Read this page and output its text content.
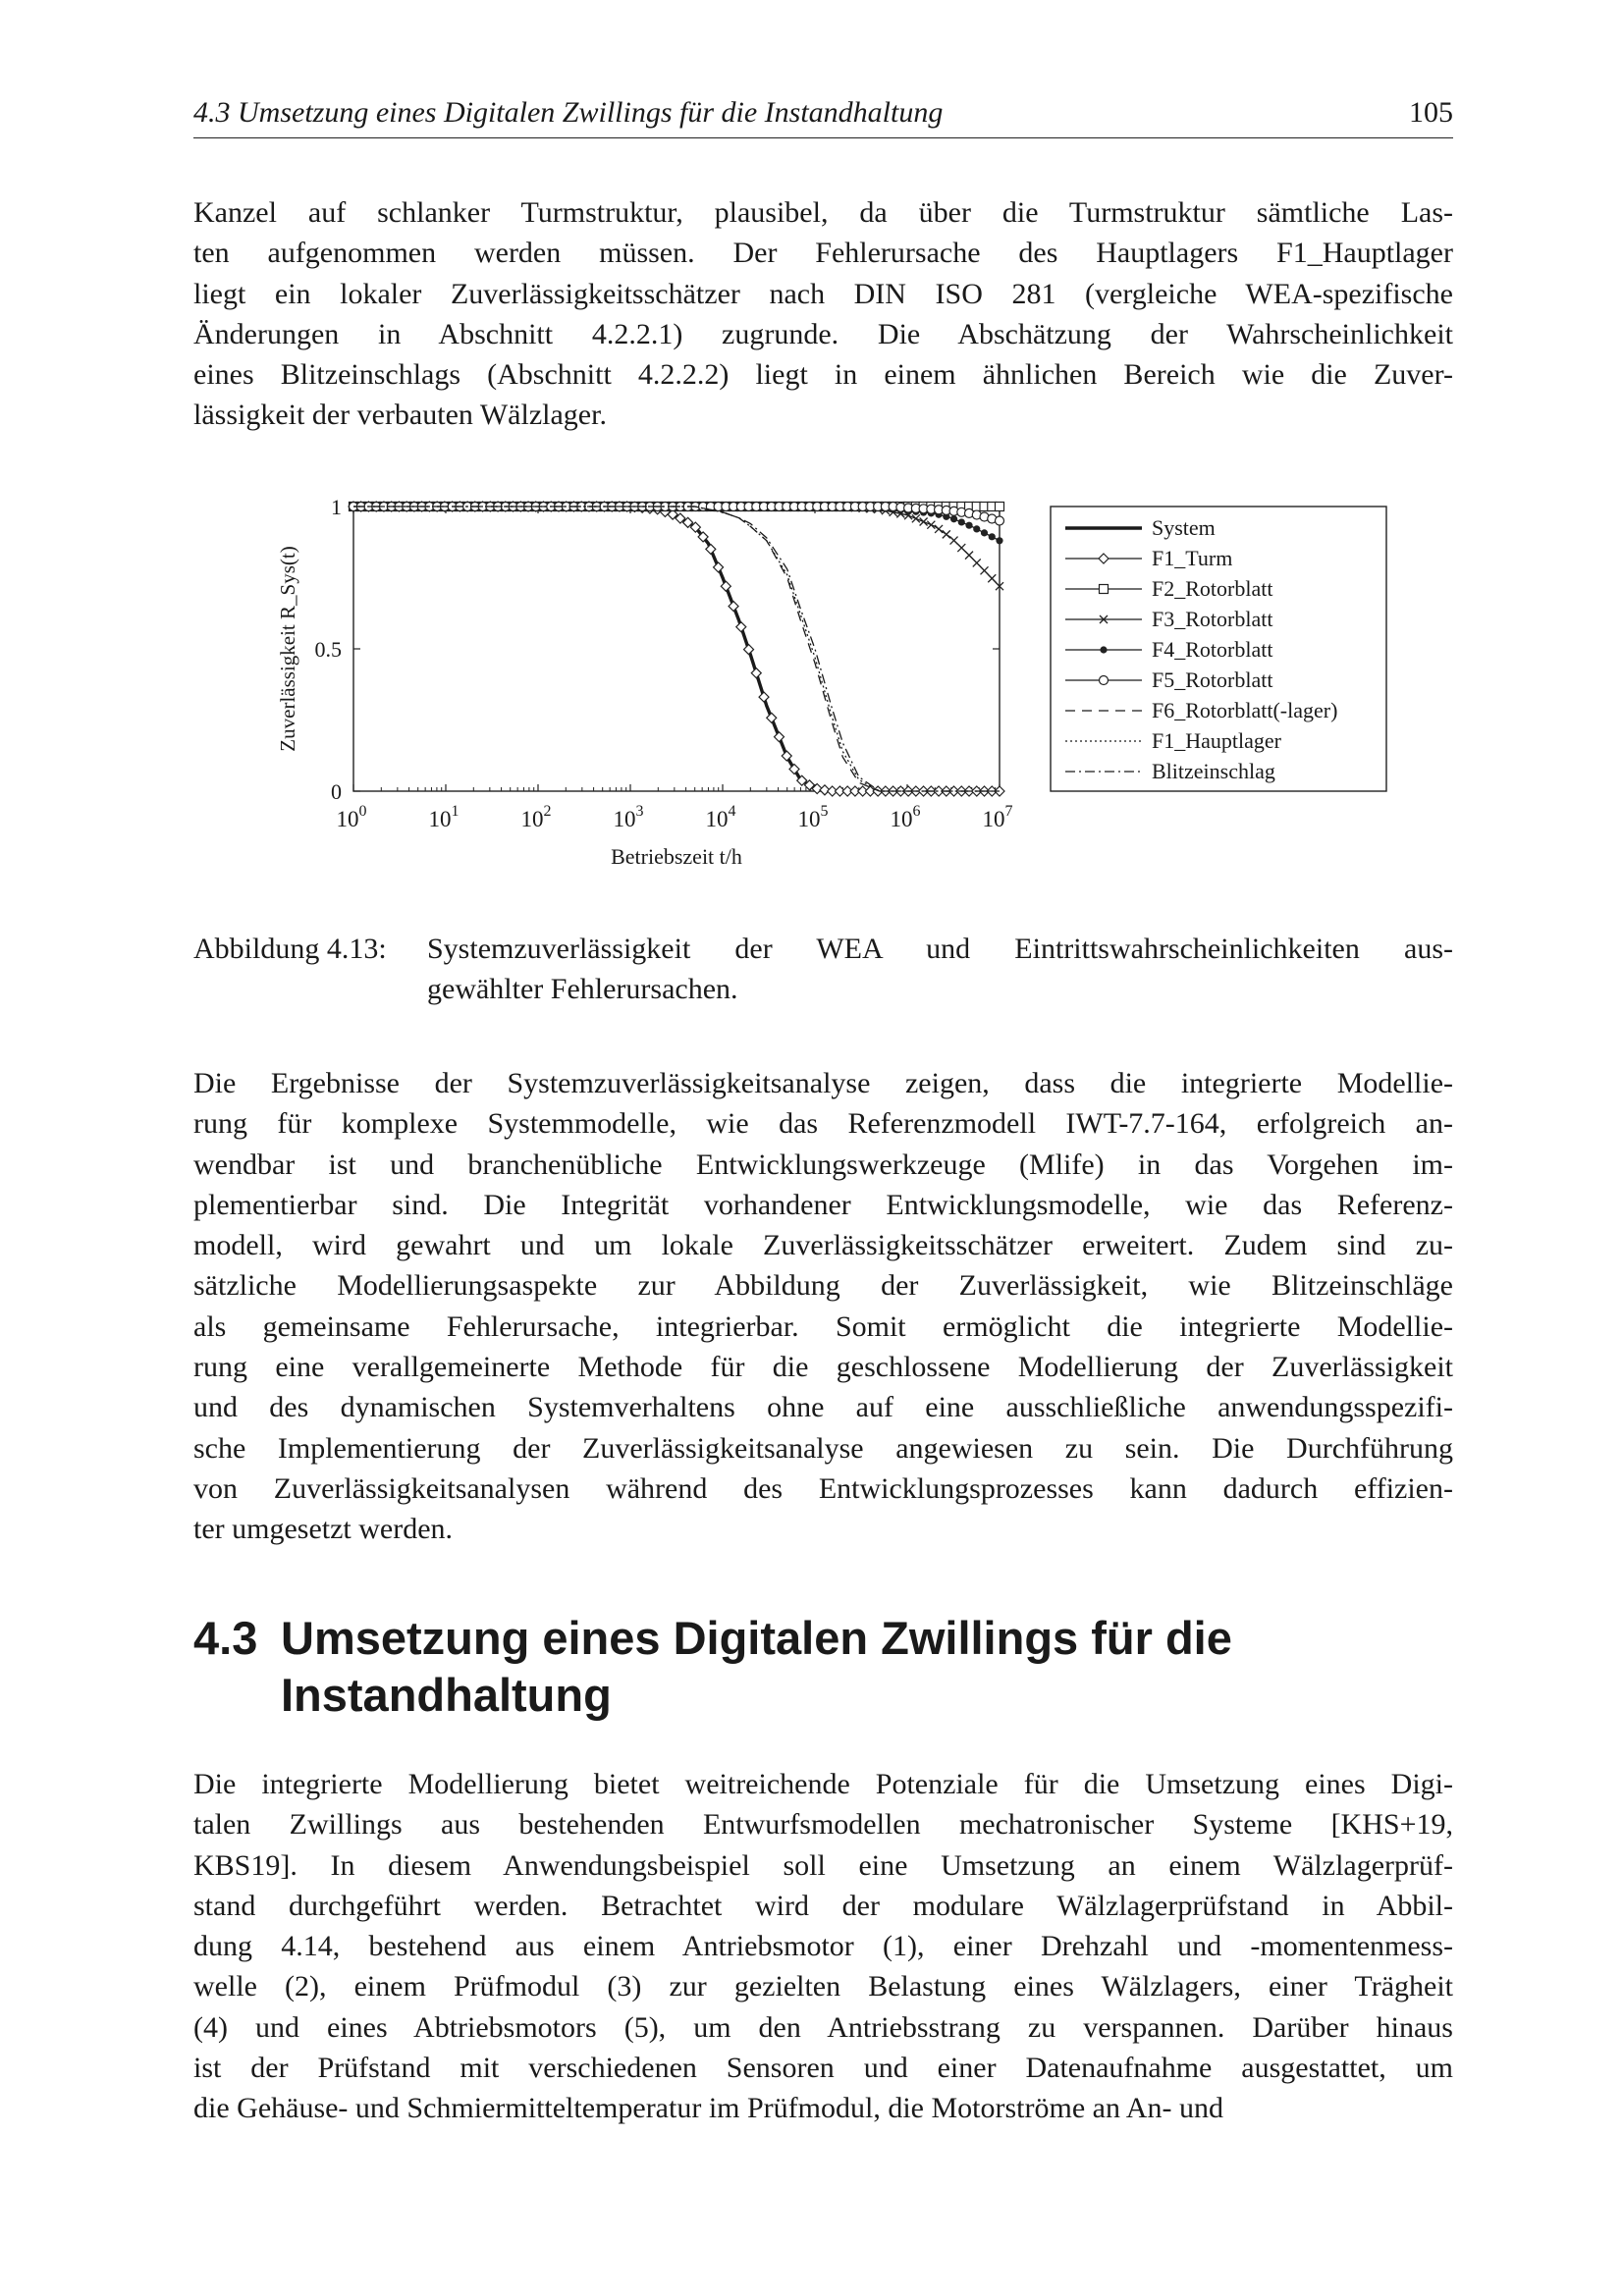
4.3 Umsetzung eines Digitalen Zwillings für die Instandhaltung	105
Kanzel auf schlanker Turmstruktur, plausibel, da über die Turmstruktur sämtliche Las-
ten aufgenommen werden müssen. Der Fehlerursache des Hauptlagers F1_Hauptlager
liegt ein lokaler Zuverlässigkeitsschätzer nach DIN ISO 281 (vergleiche WEA-spezifische
Änderungen in Abschnitt 4.2.2.1) zugrunde. Die Abschätzung der Wahrscheinlichkeit
eines Blitzeinschlags (Abschnitt 4.2.2.2) liegt in einem ähnlichen Bereich wie die Zuver-
lässigkeit der verbauten Wälzlager.
0
0.5
1
$10^0$	$10^1$	$10^2$	$10^3$	$10^4$	$10^5$	$10^6$	$10^7$
Betriebszeit t/h
Zuverlässigkeit R_Sys(t)
System
F1_Turm
F2_Rotorblatt
F3_Rotorblatt
F4_Rotorblatt
F5_Rotorblatt
F6_Rotorblatt(-lager)
F1_Hauptlager
Blitzeinschlag
Abbildung 4.13: Systemzuverlässigkeit der WEA und Eintrittswahrscheinlichkeiten aus-
gewählter Fehlerursachen.
Die Ergebnisse der Systemzuverlässigkeitsanalyse zeigen, dass die integrierte Modellie-
rung für komplexe Systemmodelle, wie das Referenzmodell IWT-7.7-164, erfolgreich an-
wendbar ist und branchenübliche Entwicklungswerkzeuge (Mlife) in das Vorgehen im-
plementierbar sind. Die Integrität vorhandener Entwicklungsmodelle, wie das Referenz-
modell, wird gewahrt und um lokale Zuverlässigkeitsschätzer erweitert. Zudem sind zu-
sätzliche Modellierungsaspekte zur Abbildung der Zuverlässigkeit, wie Blitzeinschläge
als gemeinsame Fehlerursache, integrierbar. Somit ermöglicht die integrierte Modellie-
rung eine verallgemeinerte Methode für die geschlossene Modellierung der Zuverlässigkeit
und des dynamischen Systemverhaltens ohne auf eine ausschließliche anwendungsspezifi-
sche Implementierung der Zuverlässigkeitsanalyse angewiesen zu sein. Die Durchführung
von Zuverlässigkeitsanalysen während des Entwicklungsprozesses kann dadurch effizien-
ter umgesetzt werden.
4.3 Umsetzung eines Digitalen Zwillings für die
Instandhaltung
Die integrierte Modellierung bietet weitreichende Potenziale für die Umsetzung eines Digi-
talen Zwillings aus bestehenden Entwurfsmodellen mechatronischer Systeme [KHS+19,
KBS19]. In diesem Anwendungsbeispiel soll eine Umsetzung an einem Wälzlagerprüf-
stand durchgeführt werden. Betrachtet wird der modulare Wälzlagerprüfstand in Abbil-
dung 4.14, bestehend aus einem Antriebsmotor (1), einer Drehzahl und -momentenmess-
welle (2), einem Prüfmodul (3) zur gezielten Belastung eines Wälzlagers, einer Trägheit
(4) und eines Abtriebsmotors (5), um den Antriebsstrang zu verspannen. Darüber hinaus
ist der Prüfstand mit verschiedenen Sensoren und einer Datenaufnahme ausgestattet, um
die Gehäuse- und Schmiermitteltemperatur im Prüfmodul, die Motorströme an An- und
